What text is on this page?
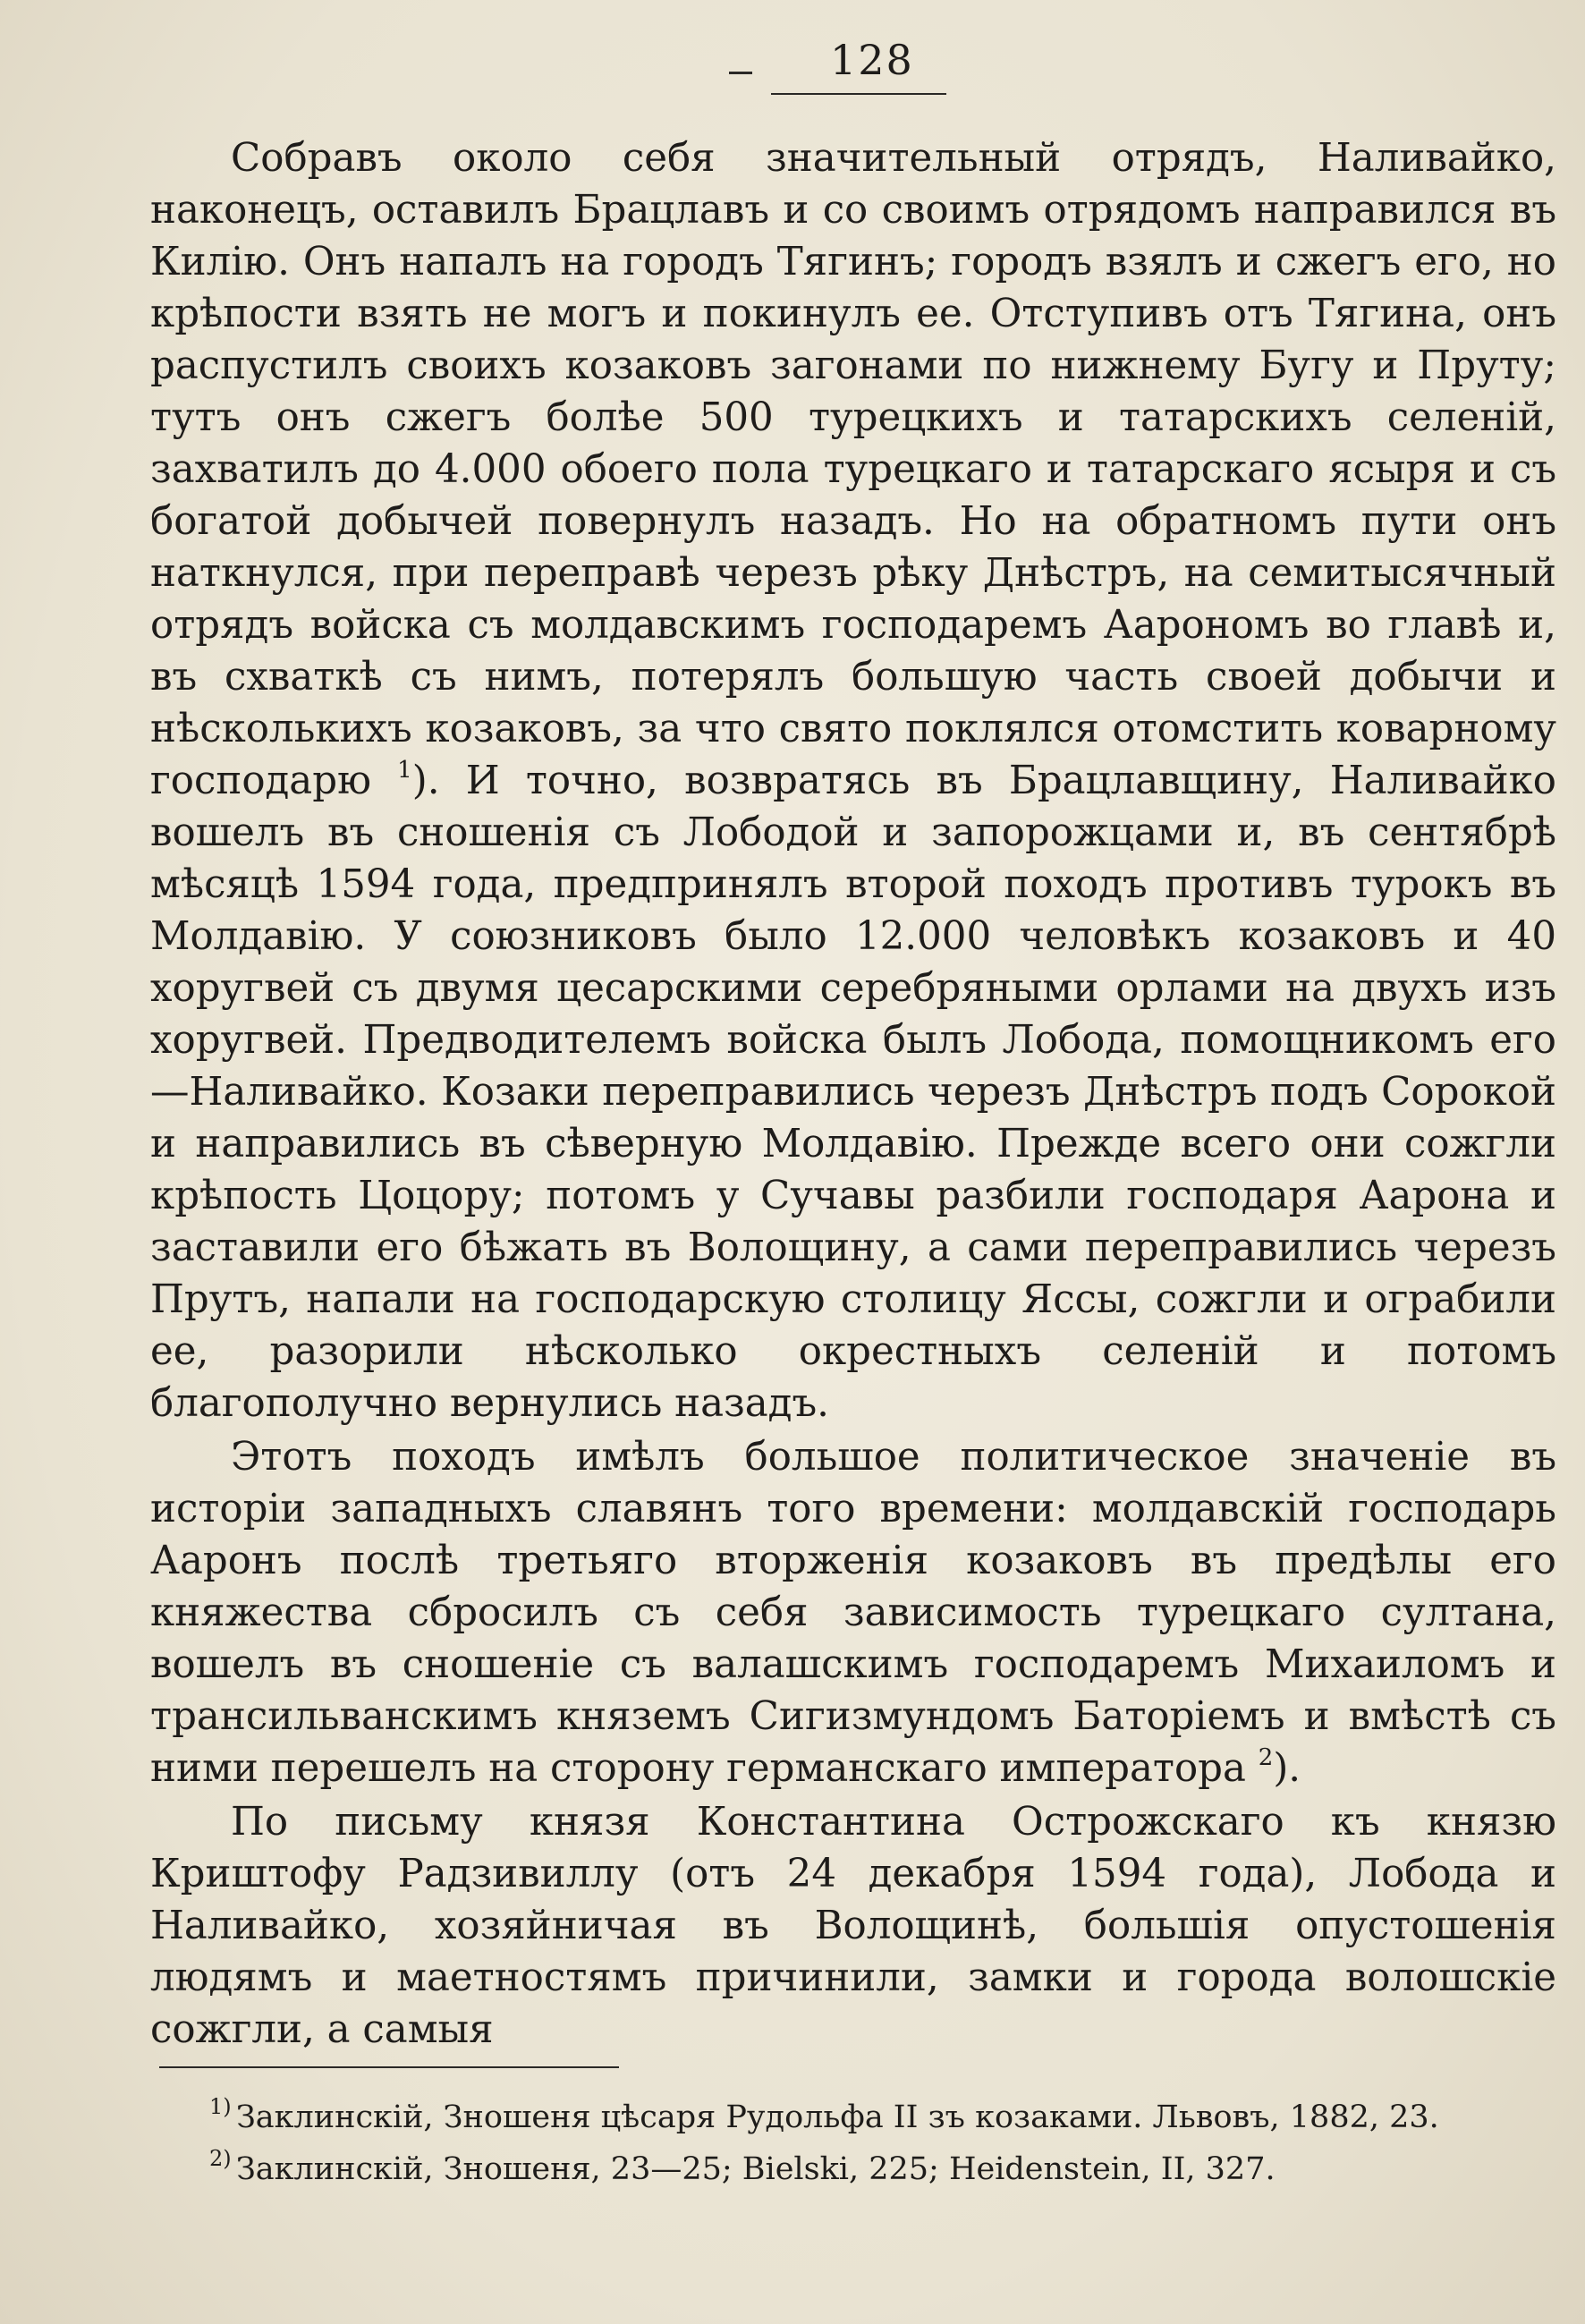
128

Собравъ около себя значительный отрядъ, Наливайко, наконецъ, оставилъ Брацлавъ и со своимъ отрядомъ направился въ Килію. Онъ напалъ на городъ Тягинъ; городъ взялъ и сжегъ его, но крѣпости взять не могъ и покинулъ ее. Отступивъ отъ Тягина, онъ распустилъ своихъ козаковъ загонами по нижнему Бугу и Пруту; тутъ онъ сжегъ болѣе 500 турецкихъ и татарскихъ селеній, захватилъ до 4.000 обоего пола турецкаго и татарскаго ясыря и съ богатой добычей повернулъ назадъ. Но на обратномъ пути онъ наткнулся, при переправѣ черезъ рѣку Днѣстръ, на семитысячный отрядъ войска съ молдавскимъ господаремъ Аарономъ во главѣ и, въ схваткѣ съ нимъ, потерялъ большую часть своей добычи и нѣсколькихъ козаковъ, за что свято поклялся отомстить коварному господарю $^1$). И точно, возвратясь въ Брацлавщину, Наливайко вошелъ въ сношенія съ Лободой и запорожцами и, въ сентябрѣ мѣсяцѣ 1594 года, предпринялъ второй походъ противъ турокъ въ Молдавію. У союзниковъ было 12.000 человѣкъ козаковъ и 40 хоругвей съ двумя цесарскими серебряными орлами на двухъ изъ хоругвей. Предводителемъ войска былъ Лобода, помощникомъ его—Наливайко. Козаки переправились черезъ Днѣстръ подъ Сорокой и направились въ сѣверную Молдавію. Прежде всего они сожгли крѣпость Цоцору; потомъ у Сучавы разбили господаря Аарона и заставили его бѣжать въ Волощину, а сами переправились черезъ Прутъ, напали на господарскую столицу Яссы, сожгли и ограбили ее, разорили нѣсколько окрестныхъ селеній и потомъ благополучно вернулись назадъ.

Этотъ походъ имѣлъ большое политическое значеніе въ исторіи западныхъ славянъ того времени: молдавскій господарь Ааронъ послѣ третьяго вторженія козаковъ въ предѣлы его княжества сбросилъ съ себя зависимость турецкаго султана, вошелъ въ сношеніе съ валашскимъ господаремъ Михаиломъ и трансильванскимъ княземъ Сигизмундомъ Баторіемъ и вмѣстѣ съ ними перешелъ на сторону германскаго императора $^2$).

По письму князя Константина Острожскаго къ князю Криштофу Радзивиллу (отъ 24 декабря 1594 года), Лобода и Наливайко, хозяйничая въ Волощинѣ, большія опустошенія людямъ и маетностямъ причинили, замки и города волошскіе сожгли, а самыя

1) Заклинскій, Зношеня цѣсаря Рудольфа II зъ козаками. Львовъ, 1882, 23.
2) Заклинскій, Зношеня, 23—25; Bielski, 225; Heidenstein, II, 327.
